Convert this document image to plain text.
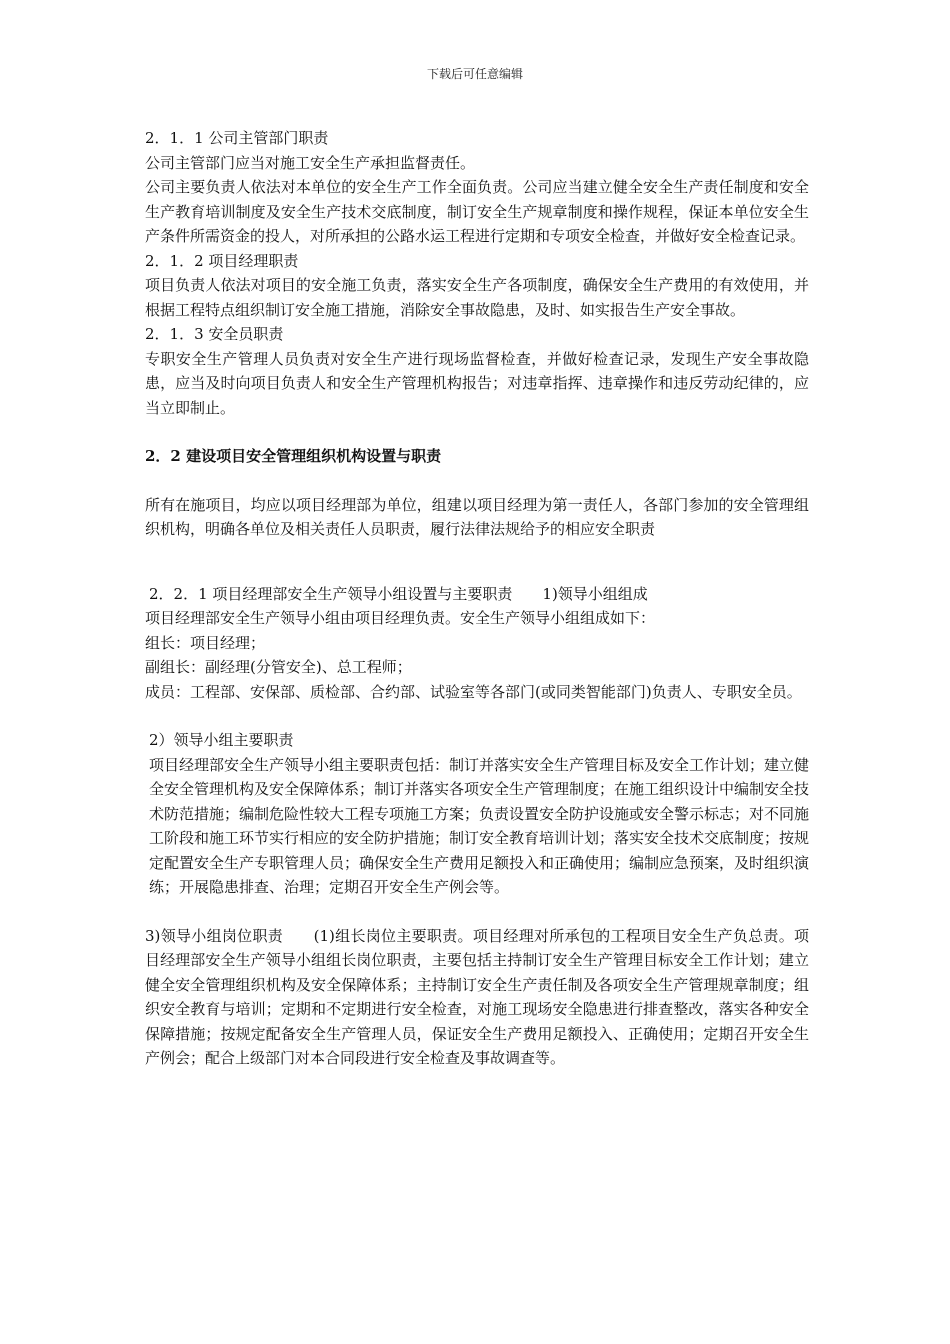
下载后可任意编辑

2．1．1 公司主管部门职责

公司主管部门应当对施工安全生产承担监督责任。

公司主要负责人依法对本单位的安全生产工作全面负责。公司应当建立健全安全生产责任制度和安全生产教育培训制度及安全生产技术交底制度，制订安全生产规章制度和操作规程，保证本单位安全生产条件所需资金的投人，对所承担的公路水运工程进行定期和专项安全检查，并做好安全检查记录。

2．1．2 项目经理职责

项目负责人依法对项目的安全施工负责，落实安全生产各项制度，确保安全生产费用的有效使用，并根据工程特点组织制订安全施工措施，消除安全事故隐患，及时、如实报告生产安全事故。

2．1．3 安全员职责

专职安全生产管理人员负责对安全生产进行现场监督检查，并做好检查记录，发现生产安全事故隐患，应当及时向项目负责人和安全生产管理机构报告；对违章指挥、违章操作和违反劳动纪律的，应当立即制止。

2．2 建设项目安全管理组织机构设置与职责

所有在施项目，均应以项目经理部为单位，组建以项目经理为第一责任人，各部门参加的安全管理组织机构，明确各单位及相关责任人员职责，履行法律法规给予的相应安全职责

2．2．1 项目经理部安全生产领导小组设置与主要职责　　1)领导小组组成

项目经理部安全生产领导小组由项目经理负责。安全生产领导小组组成如下：

组长：项目经理；

副组长：副经理(分管安全)、总工程师；

成员：工程部、安保部、质检部、合约部、试验室等各部门(或同类智能部门)负责人、专职安全员。

2）领导小组主要职责

项目经理部安全生产领导小组主要职责包括：制订并落实安全生产管理目标及安全工作计划；建立健全安全管理机构及安全保障体系；制订并落实各项安全生产管理制度；在施工组织设计中编制安全技术防范措施；编制危险性较大工程专项施工方案；负责设置安全防护设施或安全警示标志；对不同施工阶段和施工环节实行相应的安全防护措施；制订安全教育培训计划；落实安全技术交底制度；按规定配置安全生产专职管理人员；确保安全生产费用足额投入和正确使用；编制应急预案，及时组织演练；开展隐患排查、治理；定期召开安全生产例会等。

3)领导小组岗位职责　　(1)组长岗位主要职责。项目经理对所承包的工程项目安全生产负总责。项目经理部安全生产领导小组组长岗位职责，主要包括主持制订安全生产管理目标安全工作计划；建立健全安全管理组织机构及安全保障体系；主持制订安全生产责任制及各项安全生产管理规章制度；组织安全教育与培训；定期和不定期进行安全检查，对施工现场安全隐患进行排查整改，落实各种安全保障措施；按规定配备安全生产管理人员，保证安全生产费用足额投入、正确使用；定期召开安全生产例会；配合上级部门对本合同段进行安全检查及事故调查等。
